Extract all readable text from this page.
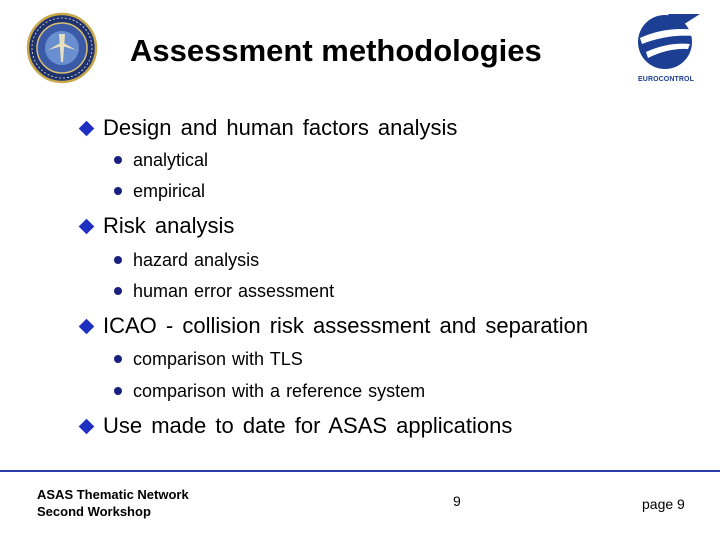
Assessment methodologies
EUROCONTROL
Design and human factors analysis
analytical
empirical
Risk analysis
hazard analysis
human error assessment
ICAO - collision risk assessment and separation
comparison with TLS
comparison with a reference system
Use made to date for ASAS applications
ASAS Thematic Network
Second Workshop
9	page 9
